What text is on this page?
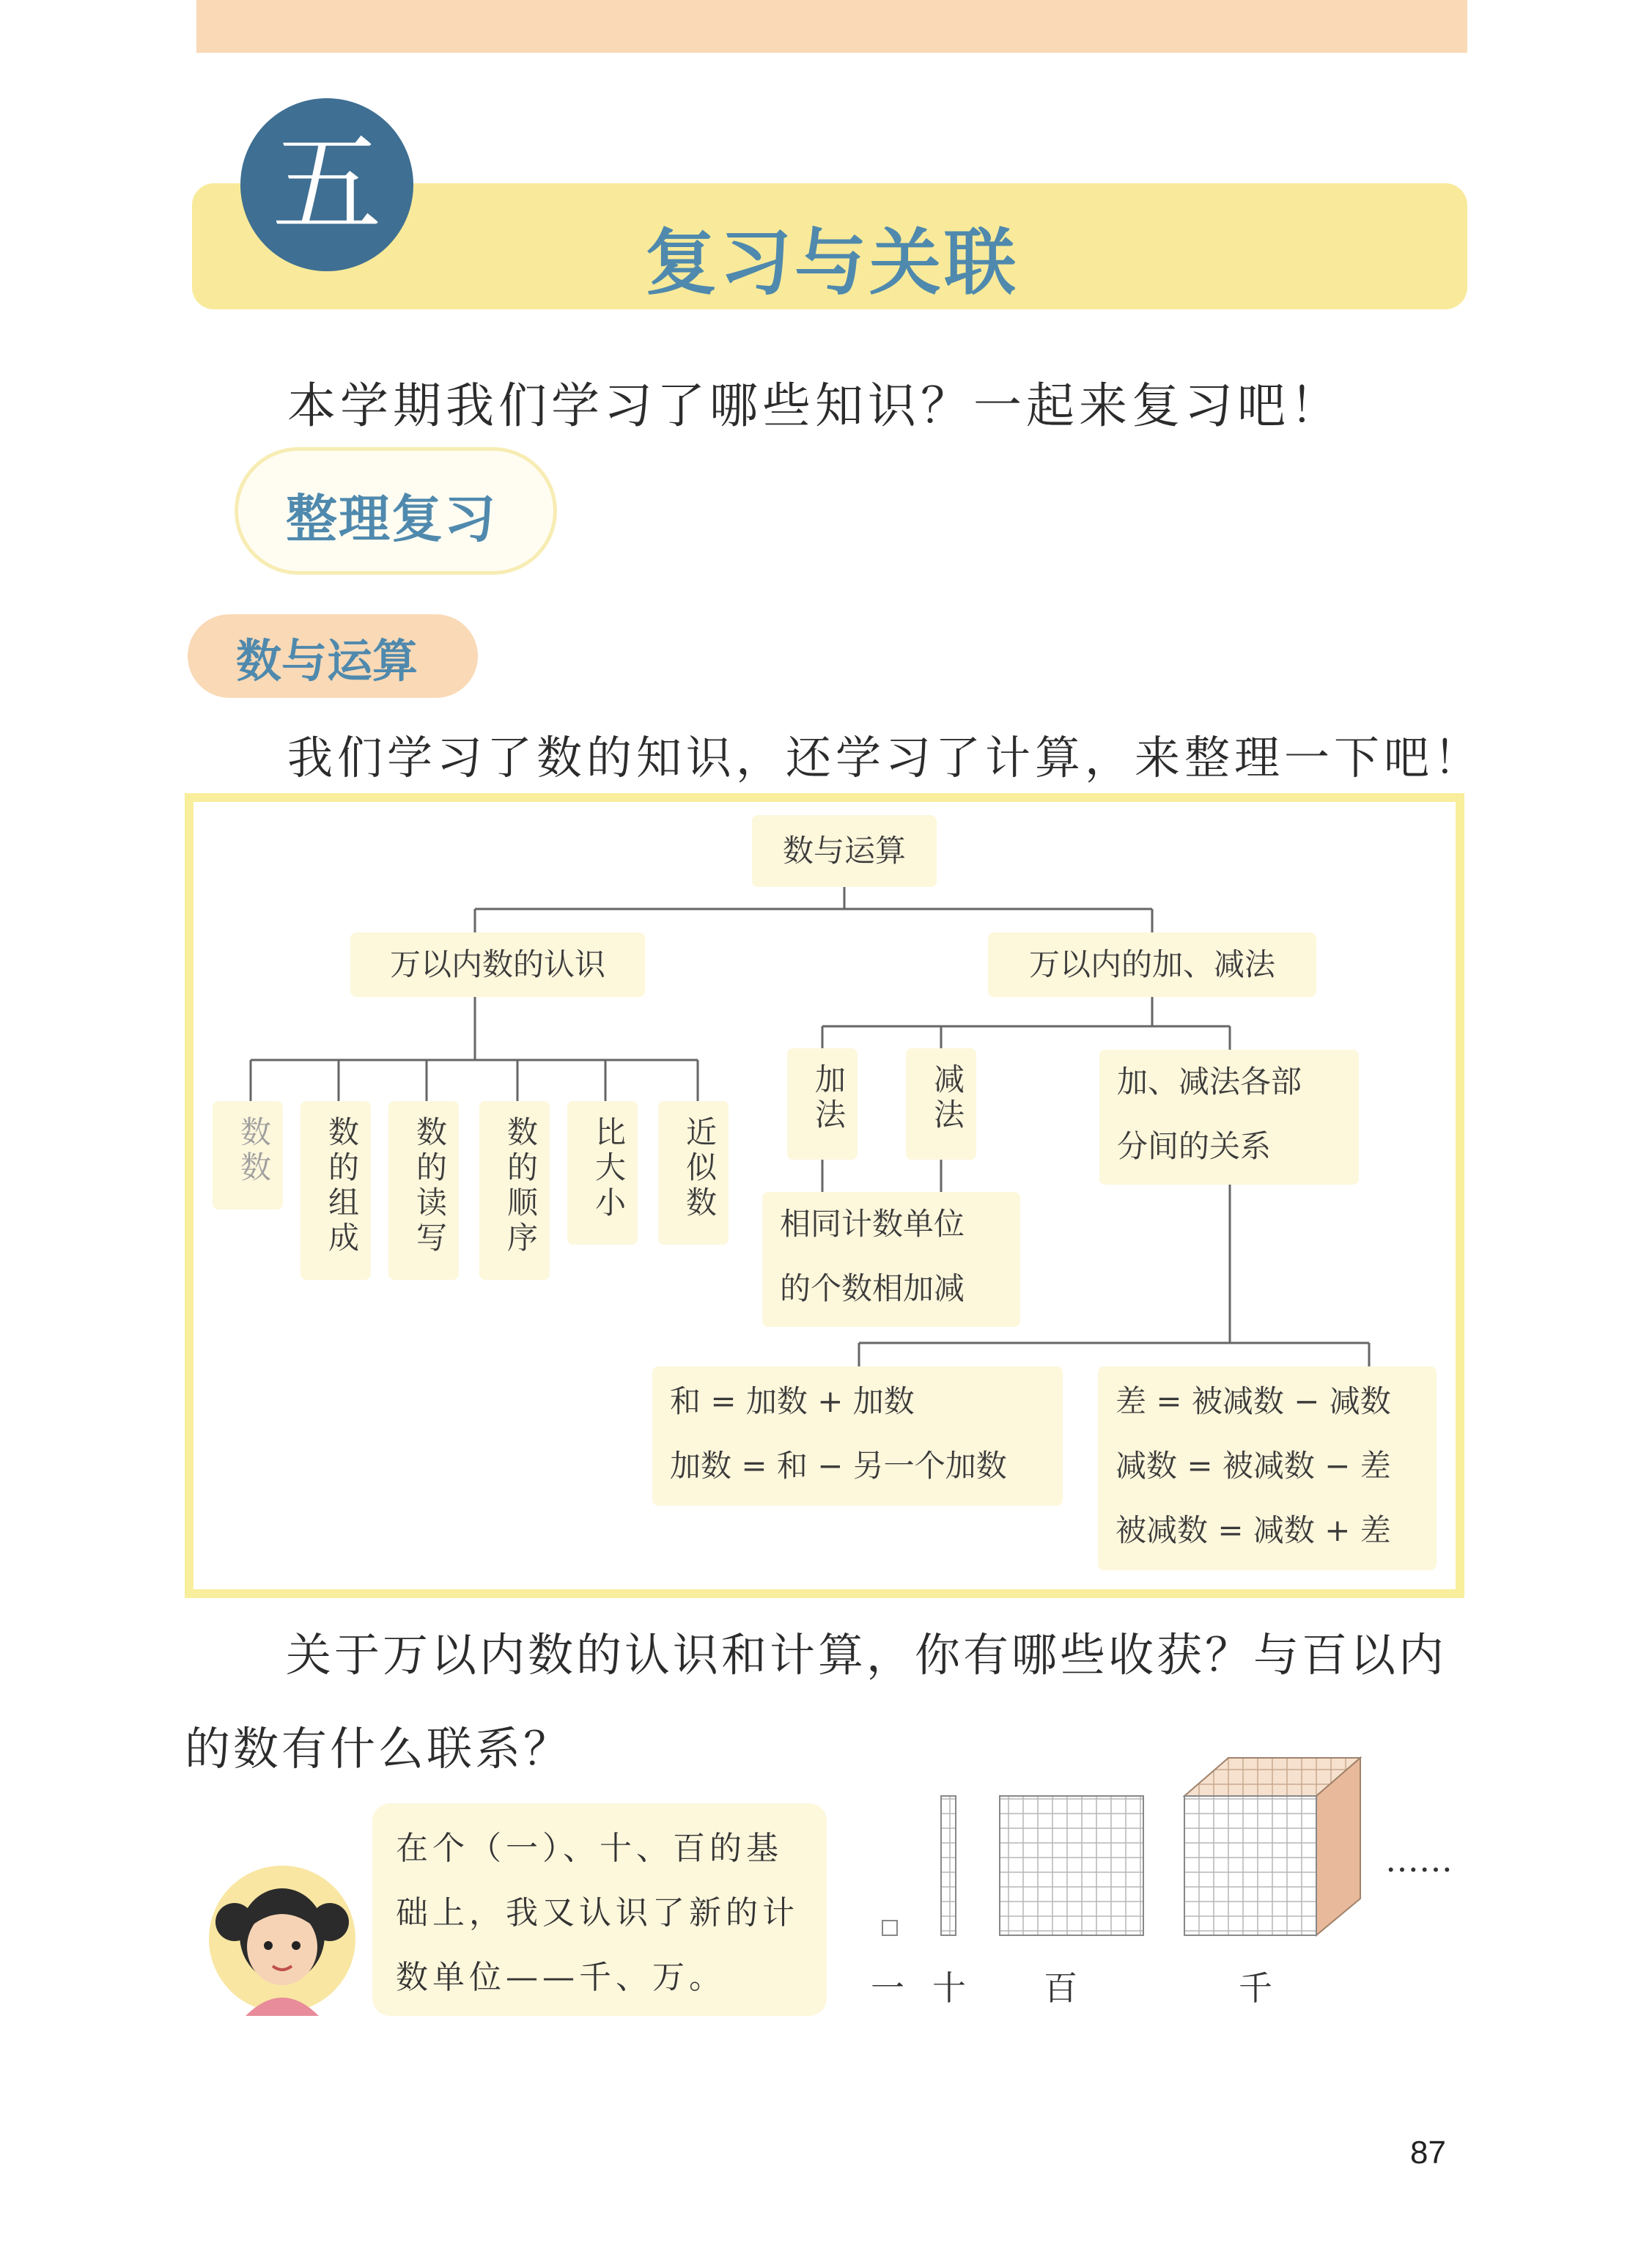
五
复习与关联
本学期我们学习了哪些知识？一起来复习吧！
整理复习
数与运算
我们学习了数的知识，还学习了计算，来整理一下吧！
数与运算
万以内数的认识	万以内的加、减法
数数	数的组成	数的读写	数的顺序	比大小	近似数
加法	减法
相同计数单位
的个数相加减
加、减法各部
分间的关系
和 = 加数 + 加数
加数 = 和 − 另一个加数
差 = 被减数 − 减数
减数 = 被减数 − 差
被减数 = 减数 + 差
关于万以内数的认识和计算，你有哪些收获？与百以内
的数有什么联系？
在个（一）、十、百的基
础上，我又认识了新的计
数单位——千、万。	一 十 百	千
……
87
